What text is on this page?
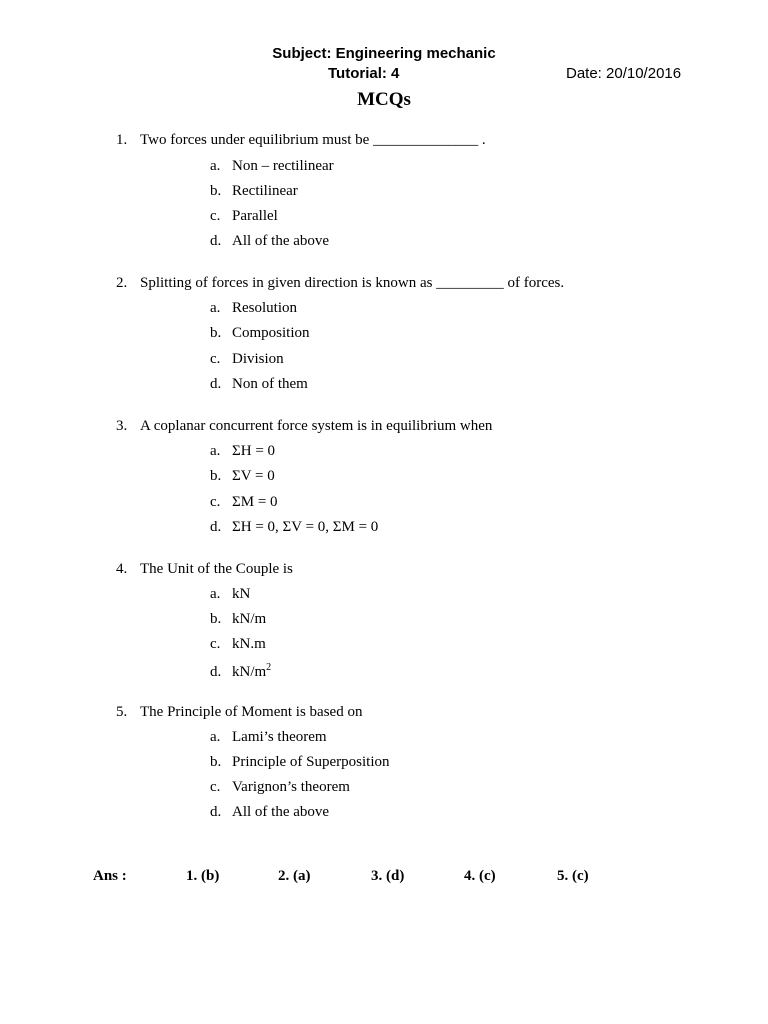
Subject: Engineering mechanic
Tutorial: 4	Date: 20/10/2016
MCQs
1. Two forces under equilibrium must be ______________ .
a. Non – rectilinear
b. Rectilinear
c. Parallel
d. All of the above
2. Splitting of forces in given direction is known as _________ of forces.
a. Resolution
b. Composition
c. Division
d. Non of them
3. A coplanar concurrent force system is in equilibrium when
a. ΣH = 0
b. ΣV = 0
c. ΣM = 0
d. ΣH = 0, ΣV = 0, ΣM = 0
4. The Unit of the Couple is
a. kN
b. kN/m
c. kN.m
d. $kN/m^2$
5. The Principle of Moment is based on
a. Lami’s theorem
b. Principle of Superposition
c. Varignon’s theorem
d. All of the above
Ans :	1. (b)	2. (a)	3. (d)	4. (c)	5. (c)
